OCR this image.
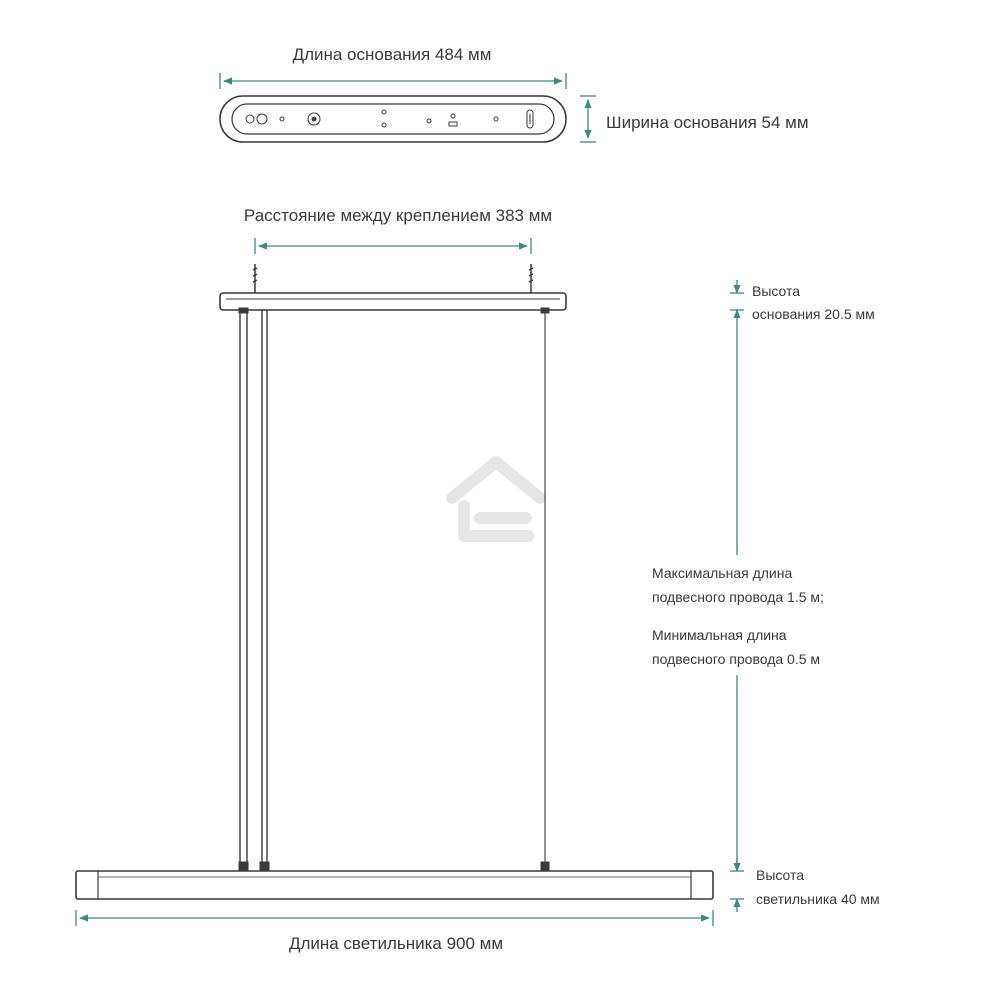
Длина основания 484 мм
Ширина основания 54 мм
Расстояние между креплением 383 мм
Высота
основания 20.5 мм
Максимальная длина
подвесного провода 1.5 м;
Минимальная длина
подвесного провода 0.5 м
Высота
светильника 40 мм
Длина светильника 900 мм
